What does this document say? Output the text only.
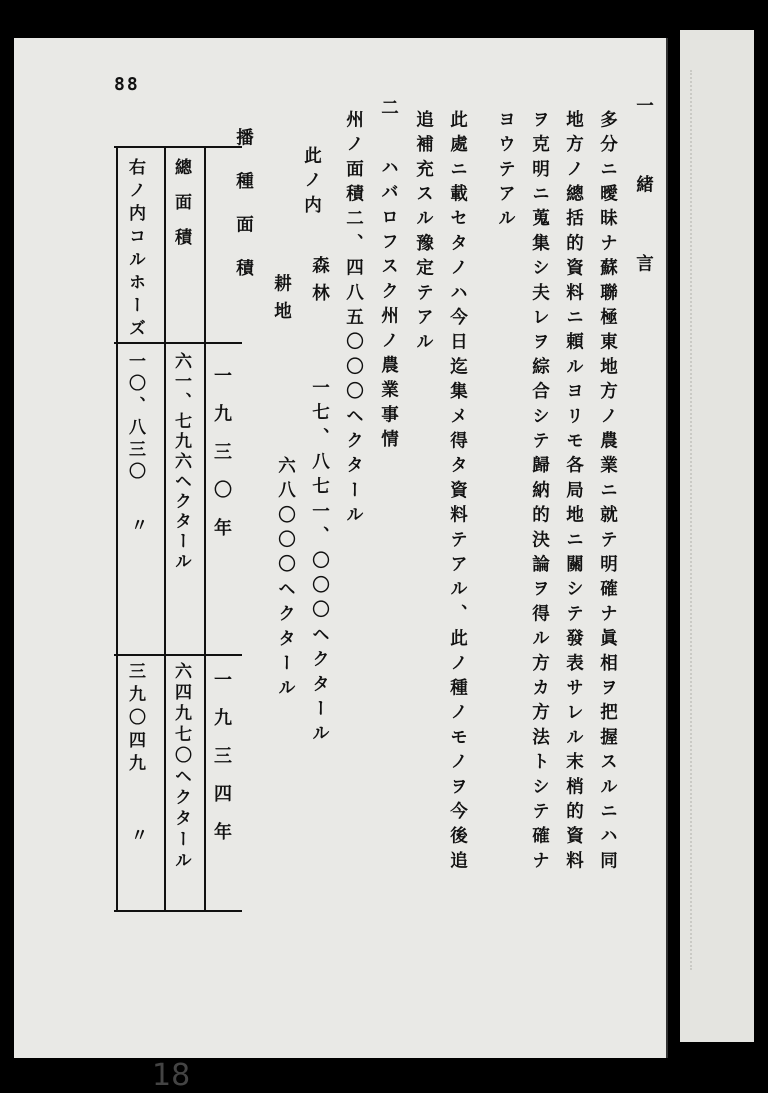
88
一　緒　言
多分ニ曖昧ナ蘇聯極東地方ノ農業ニ就テ明確ナ眞相ヲ把握スルニハ同
地方ノ總括的資料ニ頼ルヨリモ各局地ニ關シテ發表サレル末梢的資料
ヲ克明ニ蒐集シ夫レヲ綜合シテ歸納的決論ヲ得ル方カ方法トシテ確ナ
ヨウテアル
此處ニ載セタノハ今日迄集メ得タ資料テアル、此ノ種ノモノヲ今後追
追補充スル豫定テアル
二
ハバロフスク州ノ農業事情
州ノ面積二、四八五〇〇〇ヘクタール
此ノ内
森林
一七、八七一、〇〇〇ヘクタール
耕地
六八〇〇〇ヘクタール
播種面積
一九三〇年
一九三四年
總面積
六一、七九六ヘクタール
六四九七〇ヘクタール
右ノ内コルホーズ
一〇、八三〇
〃
三九〇四九
〃
18
